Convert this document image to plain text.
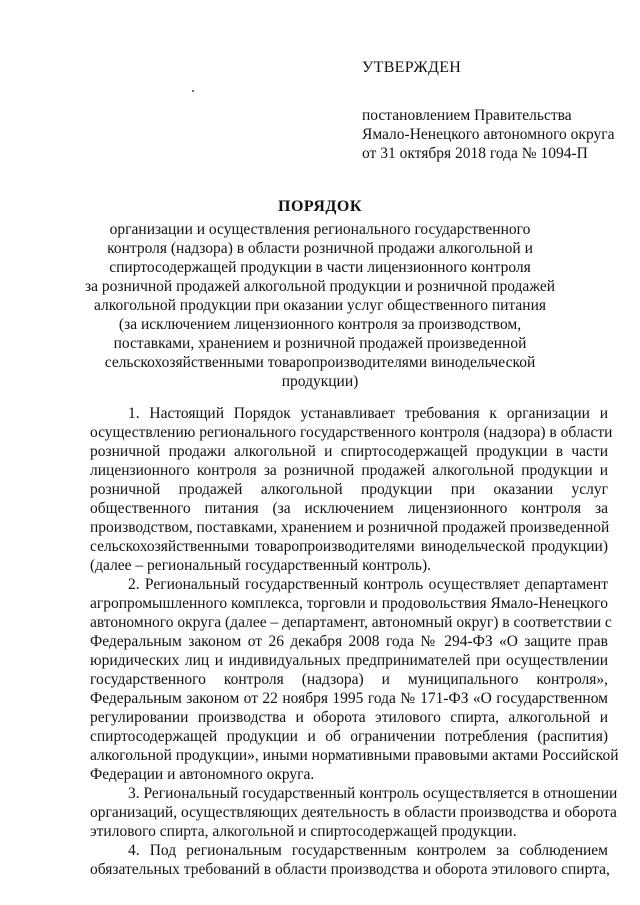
УТВЕРЖДЕН
постановлением Правительства
Ямало-Ненецкого автономного округа
от 31 октября 2018 года № 1094-П
ПОРЯДОК
организации и осуществления регионального государственного
контроля (надзора) в области розничной продажи алкогольной и
спиртосодержащей продукции в части лицензионного контроля
за розничной продажей алкогольной продукции и розничной продажей
алкогольной продукции при оказании услуг общественного питания
(за исключением лицензионного контроля за производством,
поставками, хранением и розничной продажей произведенной
сельскохозяйственными товаропроизводителями винодельческой
продукции)
1. Настоящий Порядок устанавливает требования к организации и
осуществлению регионального государственного контроля (надзора) в области
розничной продажи алкогольной и спиртосодержащей продукции в части
лицензионного контроля за розничной продажей алкогольной продукции и
розничной продажей алкогольной продукции при оказании услуг
общественного питания (за исключением лицензионного контроля за
производством, поставками, хранением и розничной продажей произведенной
сельскохозяйственными товаропроизводителями винодельческой продукции)
(далее – региональный государственный контроль).
2. Региональный государственный контроль осуществляет департамент
агропромышленного комплекса, торговли и продовольствия Ямало-Ненецкого
автономного округа (далее – департамент, автономный округ) в соответствии с
Федеральным законом от 26 декабря 2008 года № 294-ФЗ «О защите прав
юридических лиц и индивидуальных предпринимателей при осуществлении
государственного контроля (надзора) и муниципального контроля»,
Федеральным законом от 22 ноября 1995 года № 171-ФЗ «О государственном
регулировании производства и оборота этилового спирта, алкогольной и
спиртосодержащей продукции и об ограничении потребления (распития)
алкогольной продукции», иными нормативными правовыми актами Российской
Федерации и автономного округа.
3. Региональный государственный контроль осуществляется в отношении
организаций, осуществляющих деятельность в области производства и оборота
этилового спирта, алкогольной и спиртосодержащей продукции.
4. Под региональным государственным контролем за соблюдением
обязательных требований в области производства и оборота этилового спирта,
